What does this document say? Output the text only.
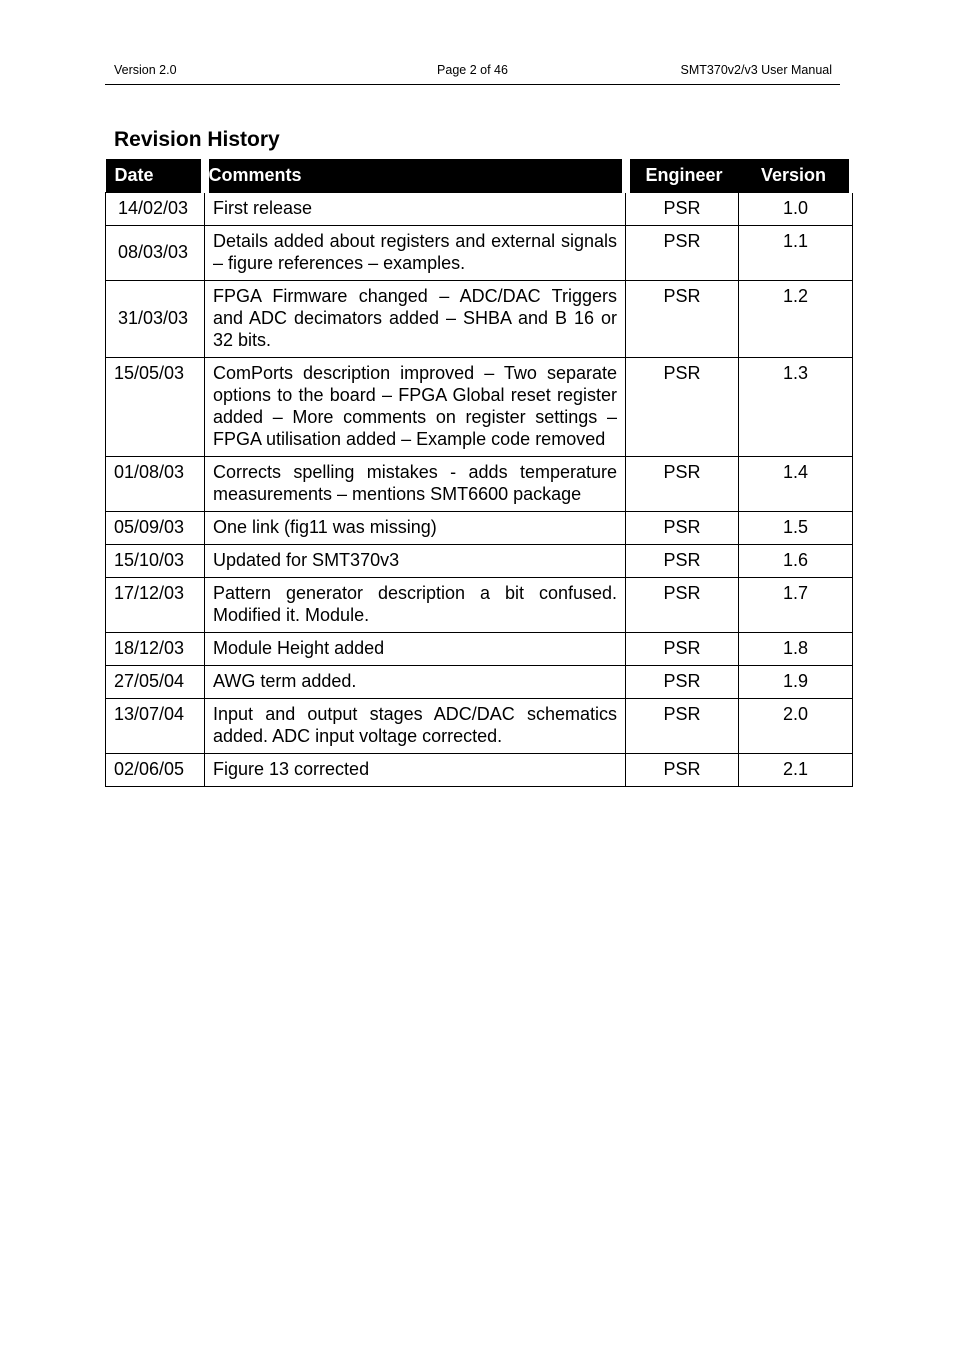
Version 2.0	Page 2 of 46	SMT370v2/v3 User Manual
Revision History
Date	Comments	Engineer	Version
14/02/03	First release	PSR	1.0
08/03/03	Details added about registers and external signals – figure references – examples.	PSR	1.1
31/03/03	FPGA Firmware changed – ADC/DAC Triggers and ADC decimators added – SHBA and B 16 or 32 bits.	PSR	1.2
15/05/03	ComPorts description improved – Two separate options to the board – FPGA Global reset register added – More comments on register settings – FPGA utilisation added – Example code removed	PSR	1.3
01/08/03	Corrects spelling mistakes - adds temperature measurements – mentions SMT6600 package	PSR	1.4
05/09/03	One link (fig11 was missing)	PSR	1.5
15/10/03	Updated for SMT370v3	PSR	1.6
17/12/03	Pattern generator description a bit confused. Modified it. Module.	PSR	1.7
18/12/03	Module Height added	PSR	1.8
27/05/04	AWG term added.	PSR	1.9
13/07/04	Input and output stages ADC/DAC schematics added. ADC input voltage corrected.	PSR	2.0
02/06/05	Figure 13 corrected	PSR	2.1
